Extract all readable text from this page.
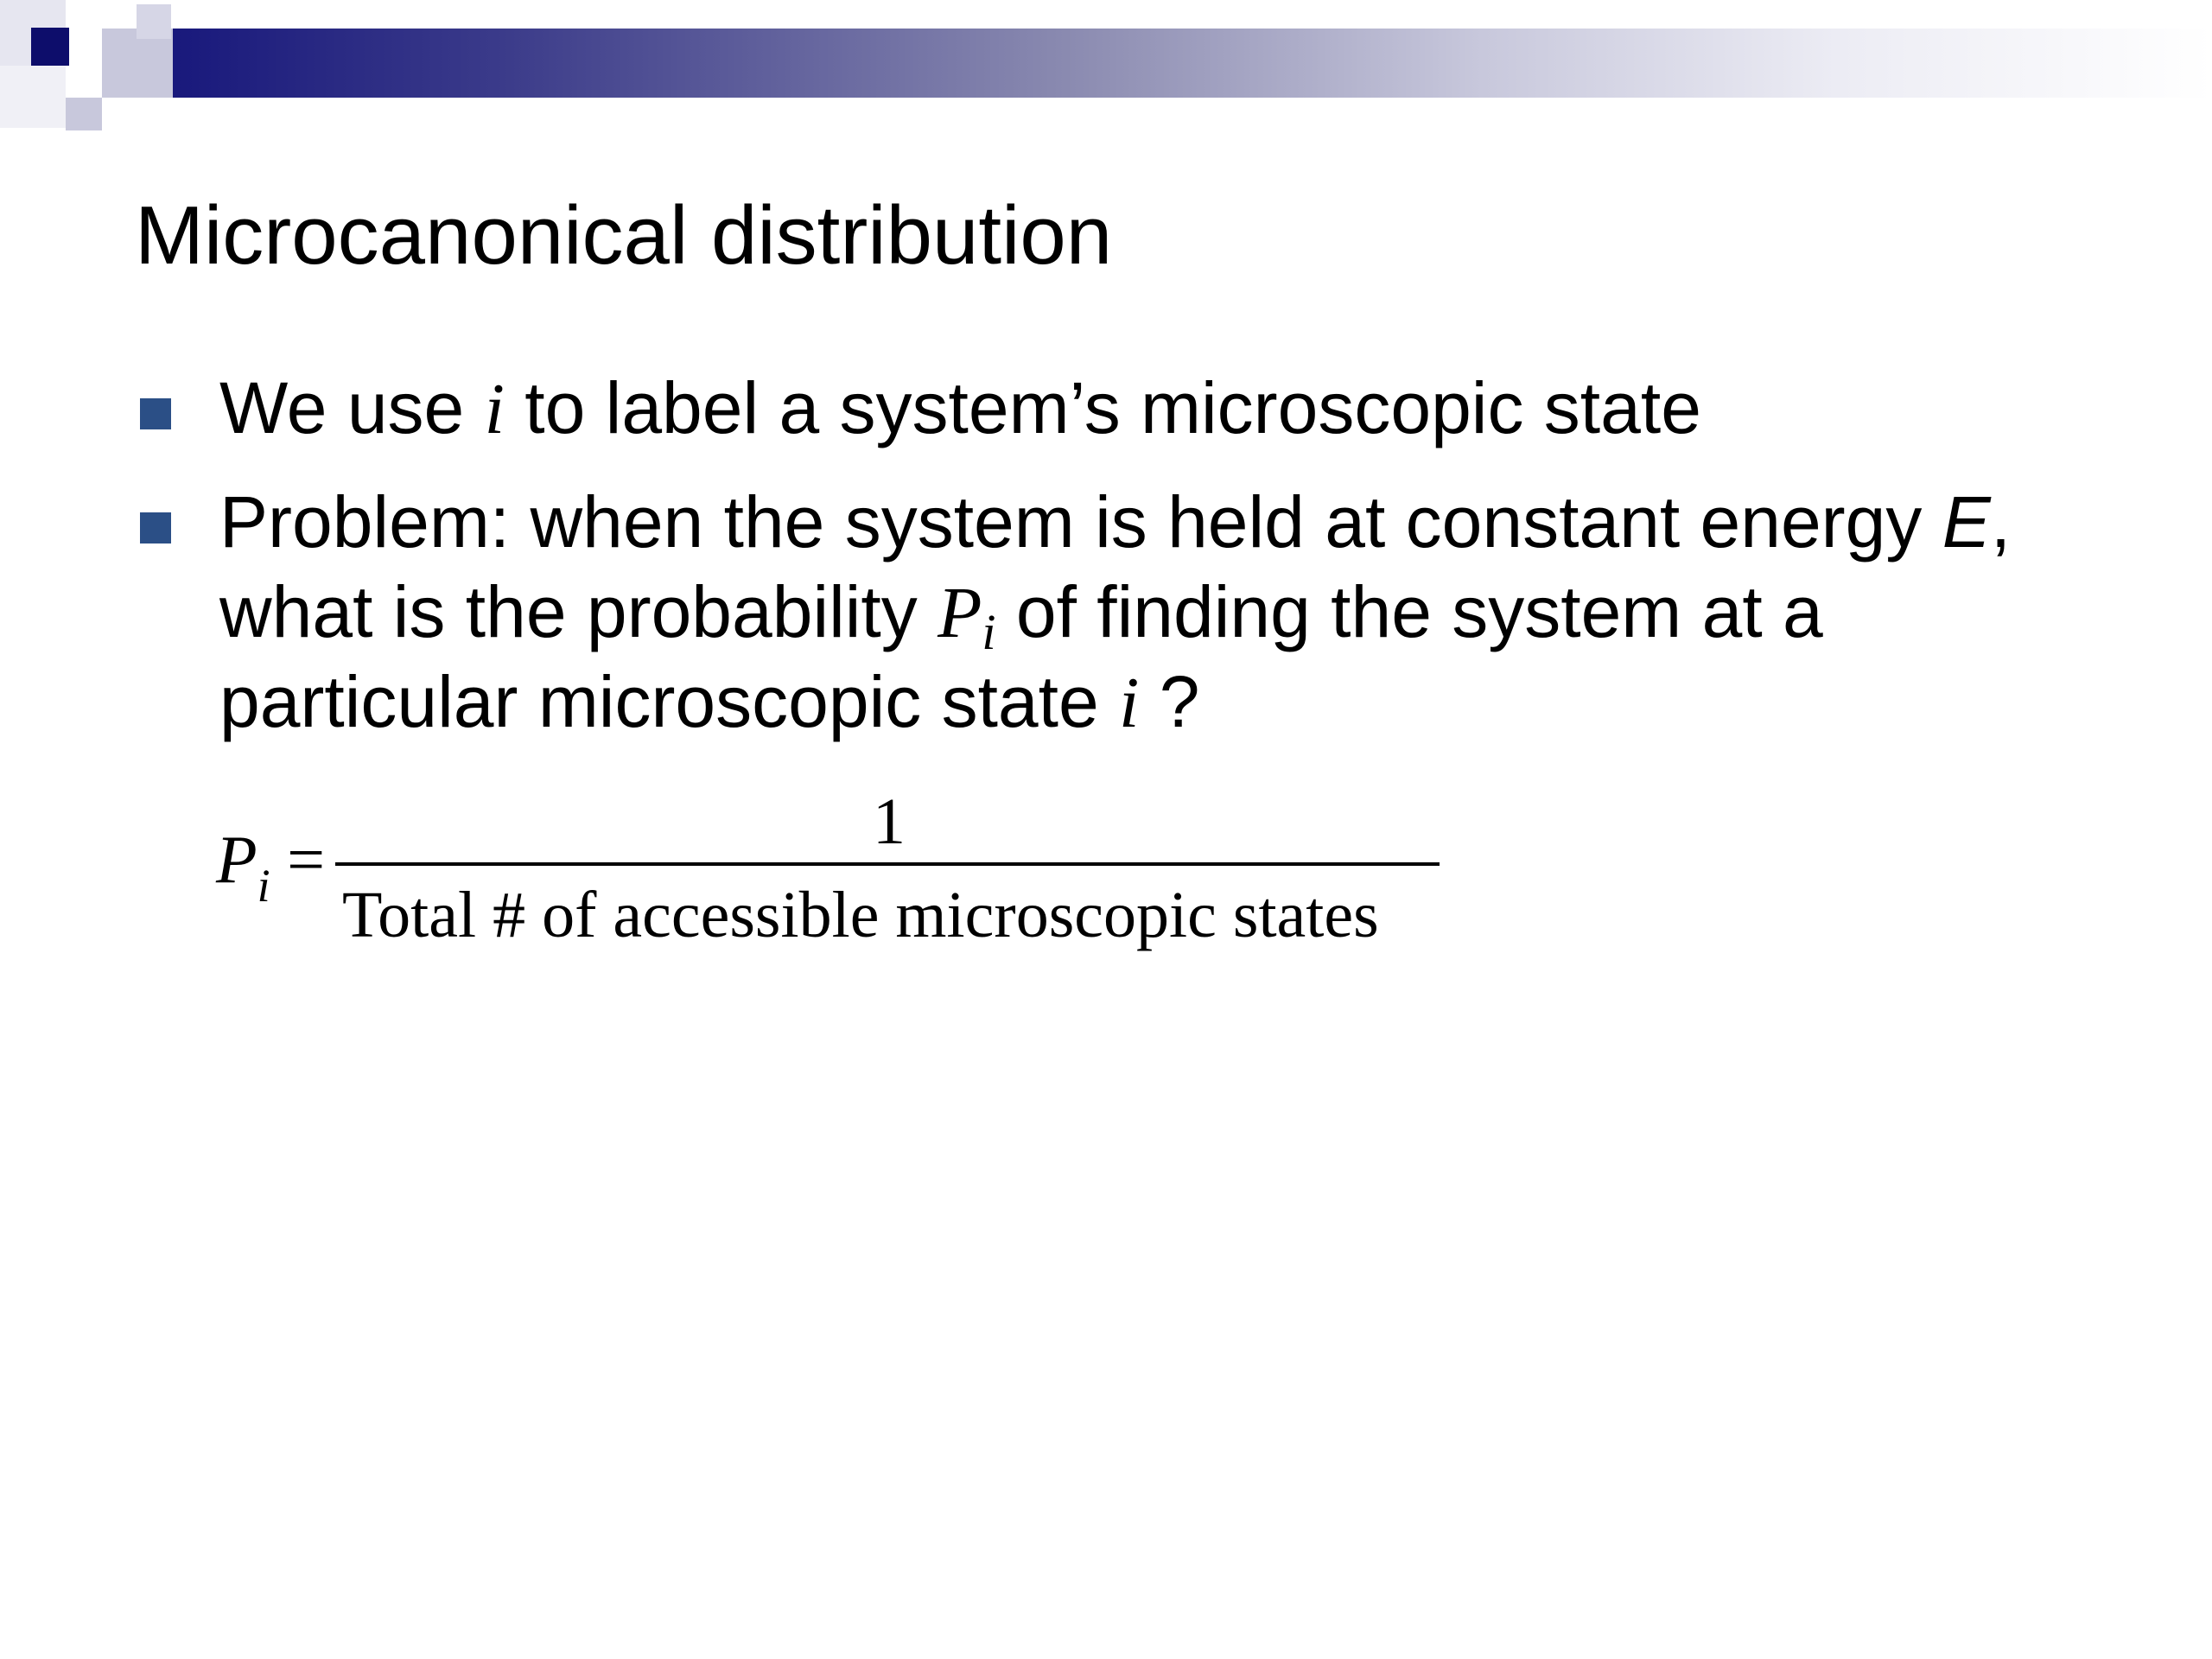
Microcanonical distribution
We use i to label a system’s microscopic state
Problem: when the system is held at constant energy E,
what is the probability Pi of finding the system at a
particular microscopic state i ?
$P_i$ =	1
Total # of accessible microscopic states
